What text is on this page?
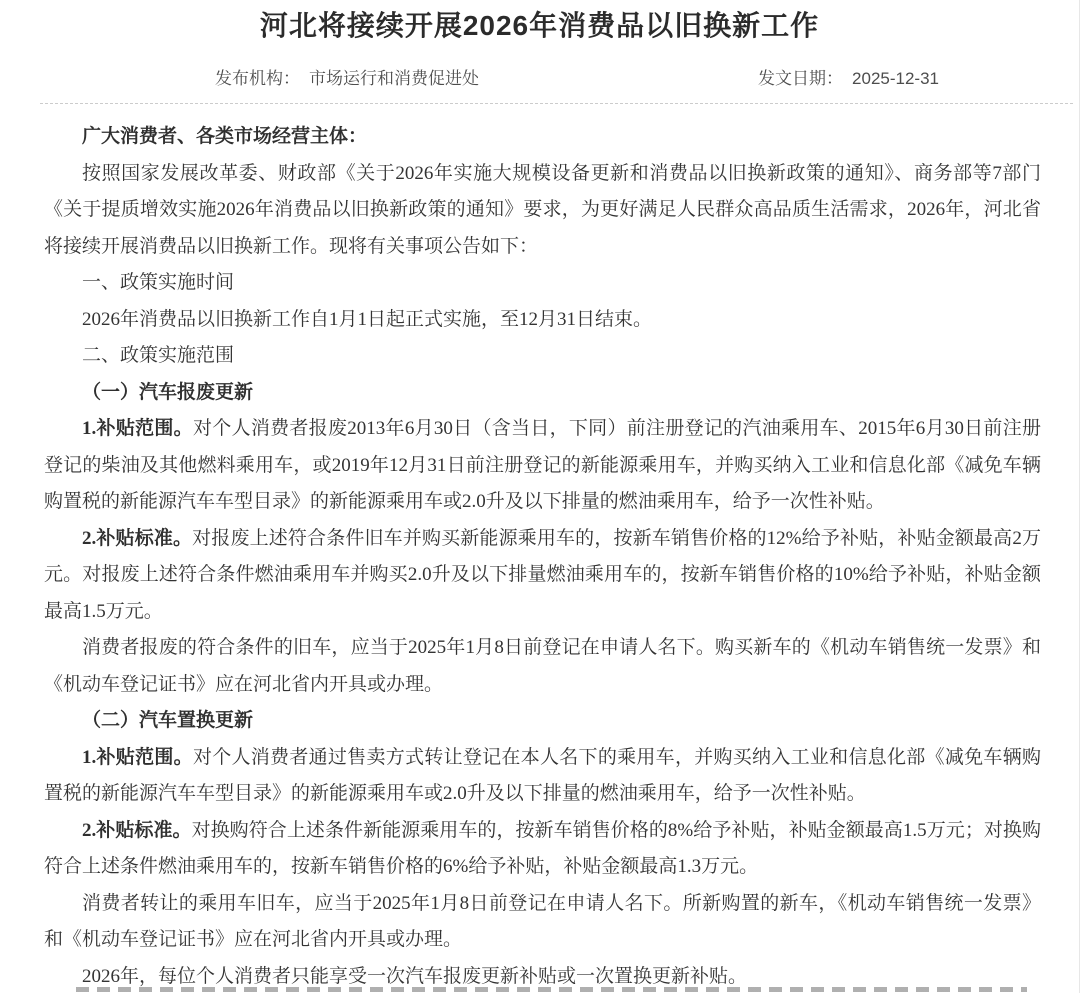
河北将接续开展2026年消费品以旧换新工作
发布机构： 市场运行和消费促进处	发文日期： 2025-12-31

广大消费者、各类市场经营主体：

按照国家发展改革委、财政部《关于2026年实施大规模设备更新和消费品以旧换新政策的通知》、商务部等7部门《关于提质增效实施2026年消费品以旧换新政策的通知》要求，为更好满足人民群众高品质生活需求，2026年，河北省将接续开展消费品以旧换新工作。现将有关事项公告如下：

一、政策实施时间

2026年消费品以旧换新工作自1月1日起正式实施，至12月31日结束。

二、政策实施范围

（一）汽车报废更新

1.补贴范围。对个人消费者报废2013年6月30日（含当日，下同）前注册登记的汽油乘用车、2015年6月30日前注册登记的柴油及其他燃料乘用车，或2019年12月31日前注册登记的新能源乘用车，并购买纳入工业和信息化部《减免车辆购置税的新能源汽车车型目录》的新能源乘用车或2.0升及以下排量的燃油乘用车，给予一次性补贴。

2.补贴标准。对报废上述符合条件旧车并购买新能源乘用车的，按新车销售价格的12%给予补贴，补贴金额最高2万元。对报废上述符合条件燃油乘用车并购买2.0升及以下排量燃油乘用车的，按新车销售价格的10%给予补贴，补贴金额最高1.5万元。

消费者报废的符合条件的旧车，应当于2025年1月8日前登记在申请人名下。购买新车的《机动车销售统一发票》和《机动车登记证书》应在河北省内开具或办理。

（二）汽车置换更新

1.补贴范围。对个人消费者通过售卖方式转让登记在本人名下的乘用车，并购买纳入工业和信息化部《减免车辆购置税的新能源汽车车型目录》的新能源乘用车或2.0升及以下排量的燃油乘用车，给予一次性补贴。

2.补贴标准。对换购符合上述条件新能源乘用车的，按新车销售价格的8%给予补贴，补贴金额最高1.5万元；对换购符合上述条件燃油乘用车的，按新车销售价格的6%给予补贴，补贴金额最高1.3万元。

消费者转让的乘用车旧车，应当于2025年1月8日前登记在申请人名下。所新购置的新车，《机动车销售统一发票》和《机动车登记证书》应在河北省内开具或办理。

2026年，每位个人消费者只能享受一次汽车报废更新补贴或一次置换更新补贴。
